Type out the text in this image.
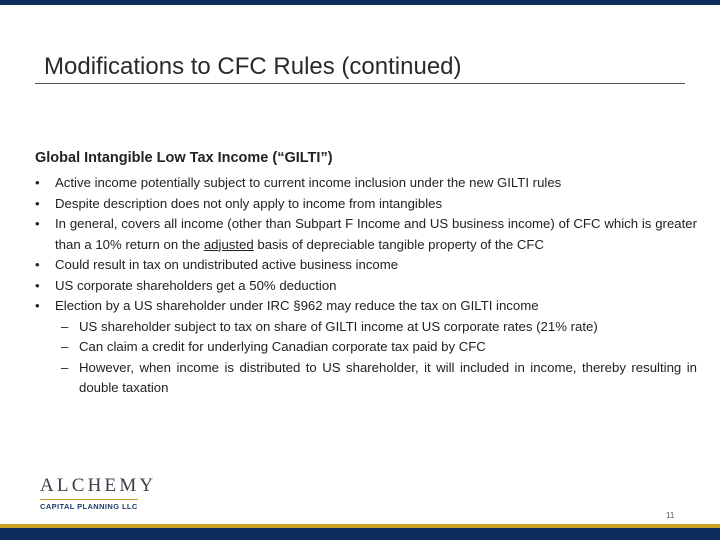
Modifications to CFC Rules (continued)
Global Intangible Low Tax Income (“GILTI”)
•	Active income potentially subject to current income inclusion under the new GILTI rules
•	Despite description does not only apply to income from intangibles
•	In general, covers all income (other than Subpart F Income and US business income) of CFC which is greater than a 10% return on the adjusted basis of depreciable tangible property of the CFC
•	Could result in tax on undistributed active business income
•	US corporate shareholders get a 50% deduction
•	Election by a US shareholder under IRC §962 may reduce the tax on GILTI income
– US shareholder subject to tax on share of GILTI income at US corporate rates (21% rate)
– Can claim a credit for underlying Canadian corporate tax paid by CFC
– However, when income is distributed to US shareholder, it will included in income, thereby resulting in double taxation
ALCHEMY
CAPITAL PLANNING LLC
11
